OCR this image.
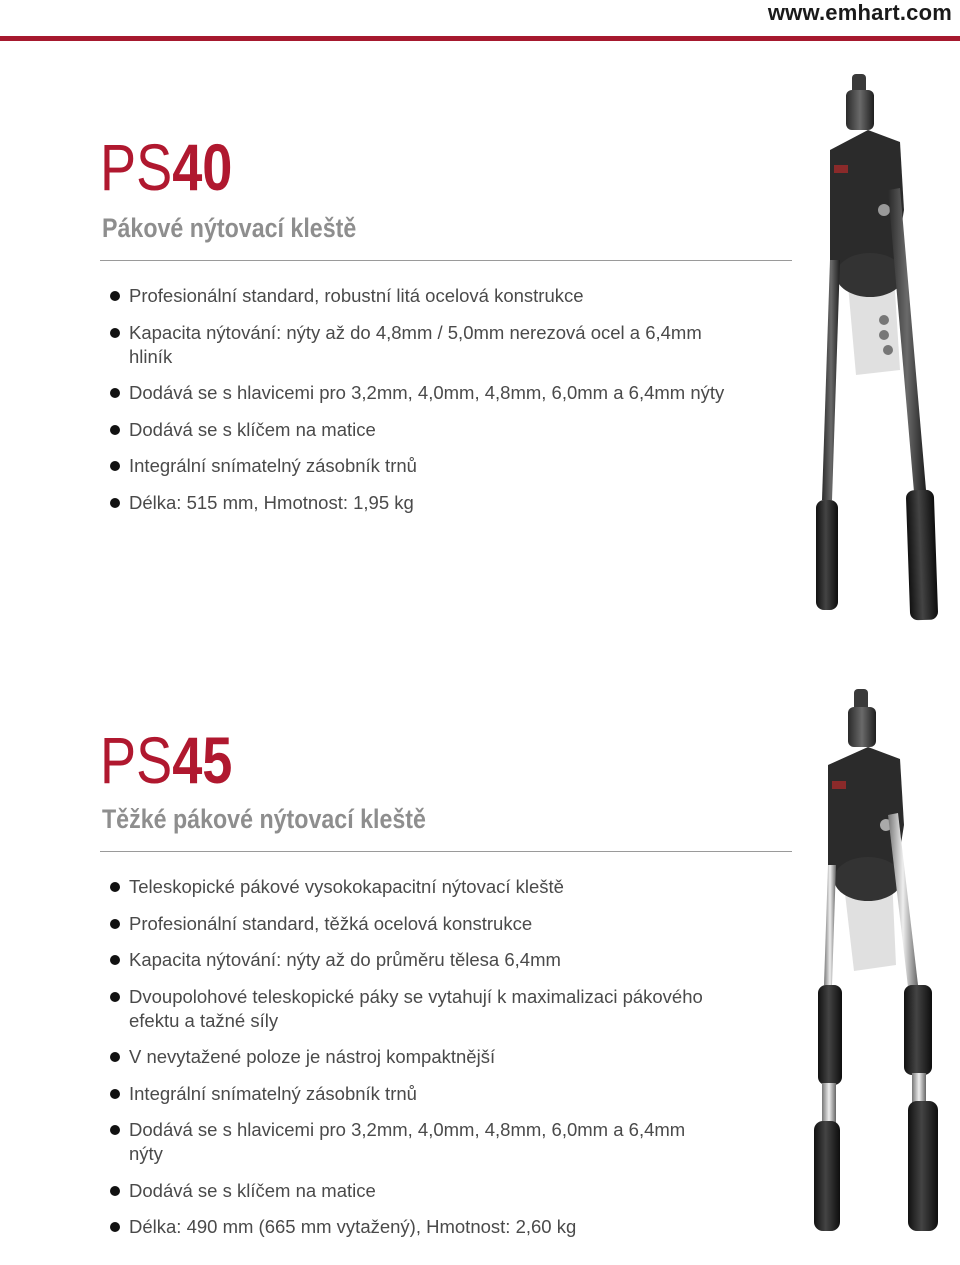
www.emhart.com
PS40
Pákové nýtovací kleště
Profesionální standard, robustní litá ocelová konstrukce
Kapacita nýtování: nýty až do 4,8mm / 5,0mm nerezová ocel a 6,4mm hliník
Dodává se s hlavicemi pro 3,2mm, 4,0mm, 4,8mm, 6,0mm a 6,4mm nýty
Dodává se s klíčem na matice
Integrální snímatelný zásobník trnů
Délka: 515 mm, Hmotnost: 1,95 kg
PS45
Těžké pákové nýtovací kleště
Teleskopické pákové vysokokapacitní nýtovací kleště
Profesionální standard, těžká ocelová konstrukce
Kapacita nýtování: nýty až do průměru tělesa 6,4mm
Dvoupolohové teleskopické páky se vytahují k maximalizaci pákového efektu a tažné síly
V nevytažené poloze je nástroj kompaktnější
Integrální snímatelný zásobník trnů
Dodává se s hlavicemi pro 3,2mm, 4,0mm, 4,8mm, 6,0mm a 6,4mm nýty
Dodává se s klíčem na matice
Délka: 490 mm (665 mm vytažený), Hmotnost: 2,60 kg
